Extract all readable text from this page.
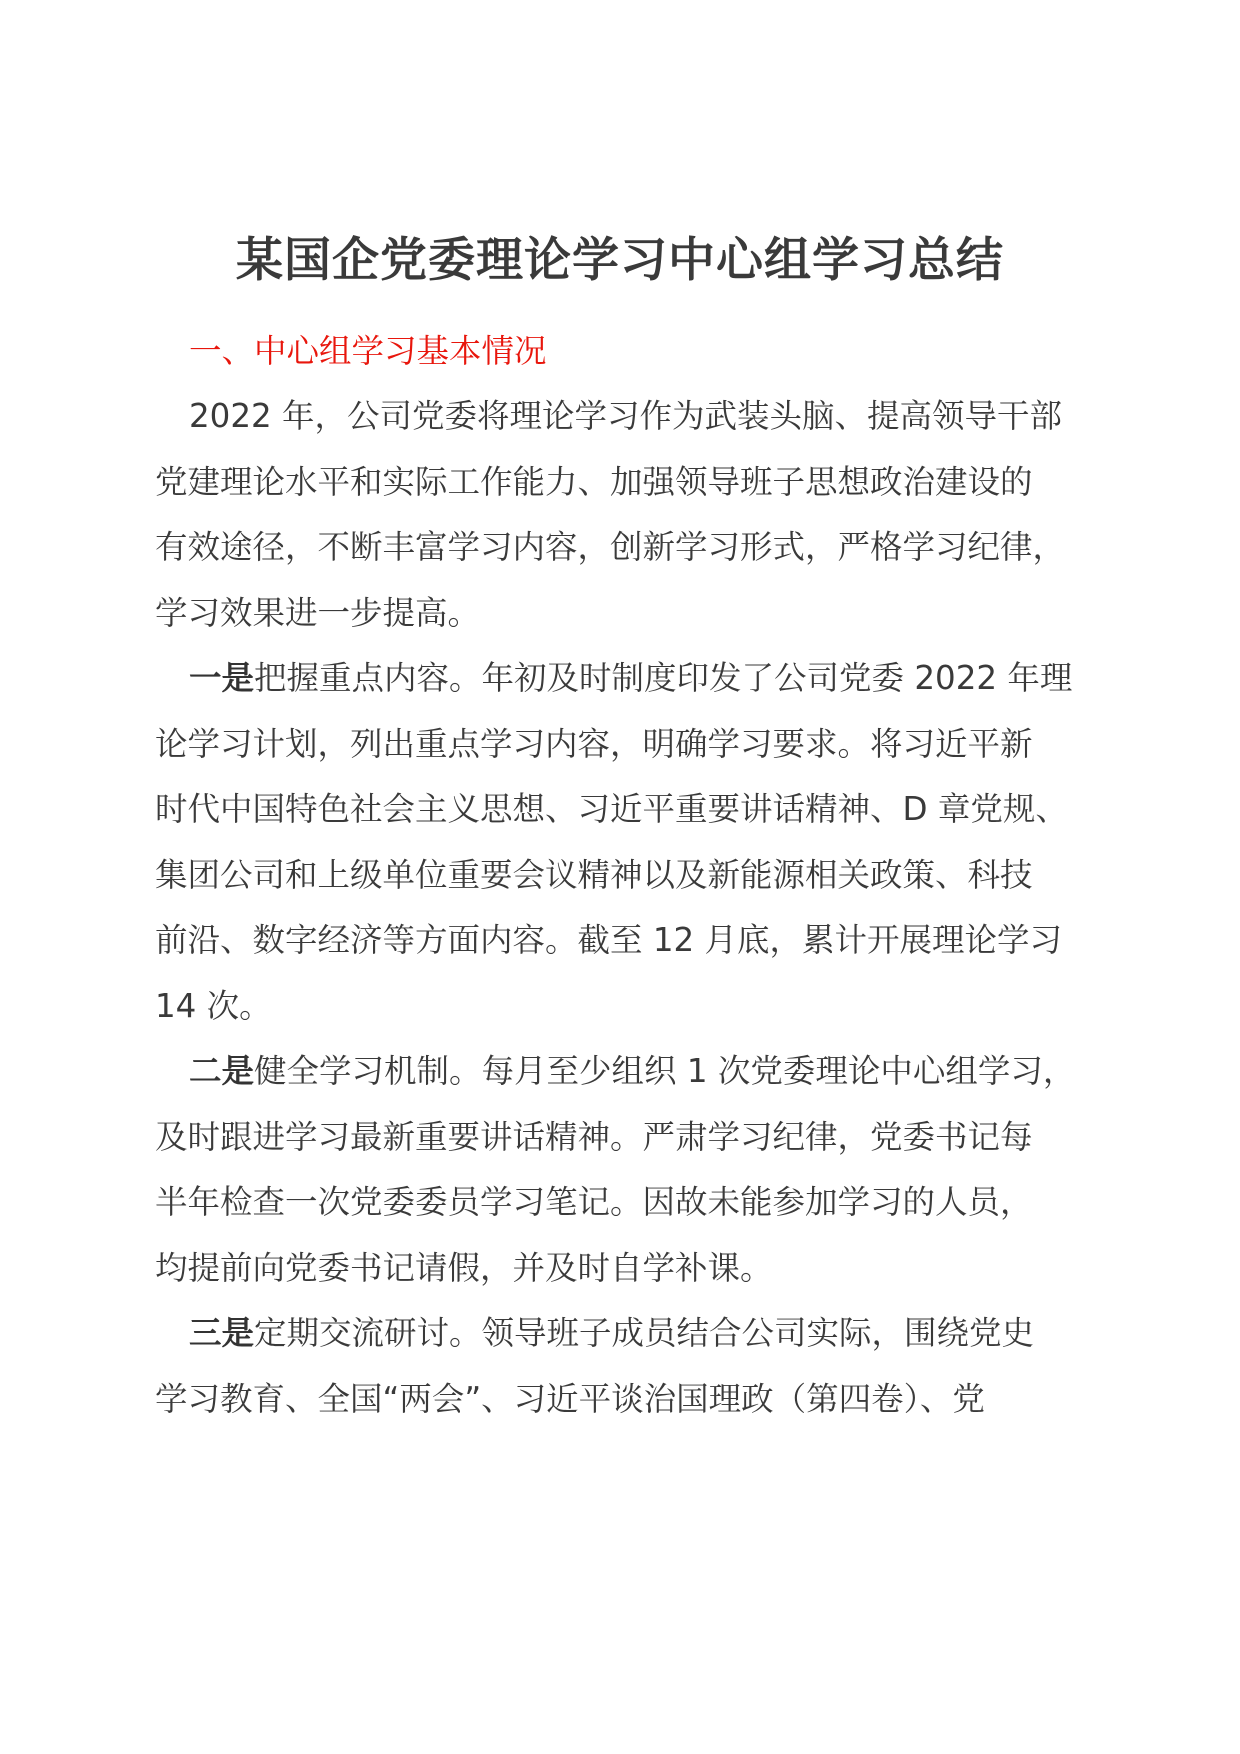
某国企党委理论学习中心组学习总结

一、中心组学习基本情况

2022 年，公司党委将理论学习作为武装头脑、提高领导干部
党建理论水平和实际工作能力、加强领导班子思想政治建设的
有效途径，不断丰富学习内容，创新学习形式，严格学习纪律，
学习效果进一步提高。

一是把握重点内容。年初及时制度印发了公司党委 2022 年理
论学习计划，列出重点学习内容，明确学习要求。将习近平新
时代中国特色社会主义思想、习近平重要讲话精神、D 章党规、
集团公司和上级单位重要会议精神以及新能源相关政策、科技
前沿、数字经济等方面内容。截至 12 月底，累计开展理论学习
14 次。

二是健全学习机制。每月至少组织 1 次党委理论中心组学习，
及时跟进学习最新重要讲话精神。严肃学习纪律，党委书记每
半年检查一次党委委员学习笔记。因故未能参加学习的人员，
均提前向党委书记请假，并及时自学补课。

三是定期交流研讨。领导班子成员结合公司实际，围绕党史
学习教育、全国“两会”、习近平谈治国理政（第四卷）、党
